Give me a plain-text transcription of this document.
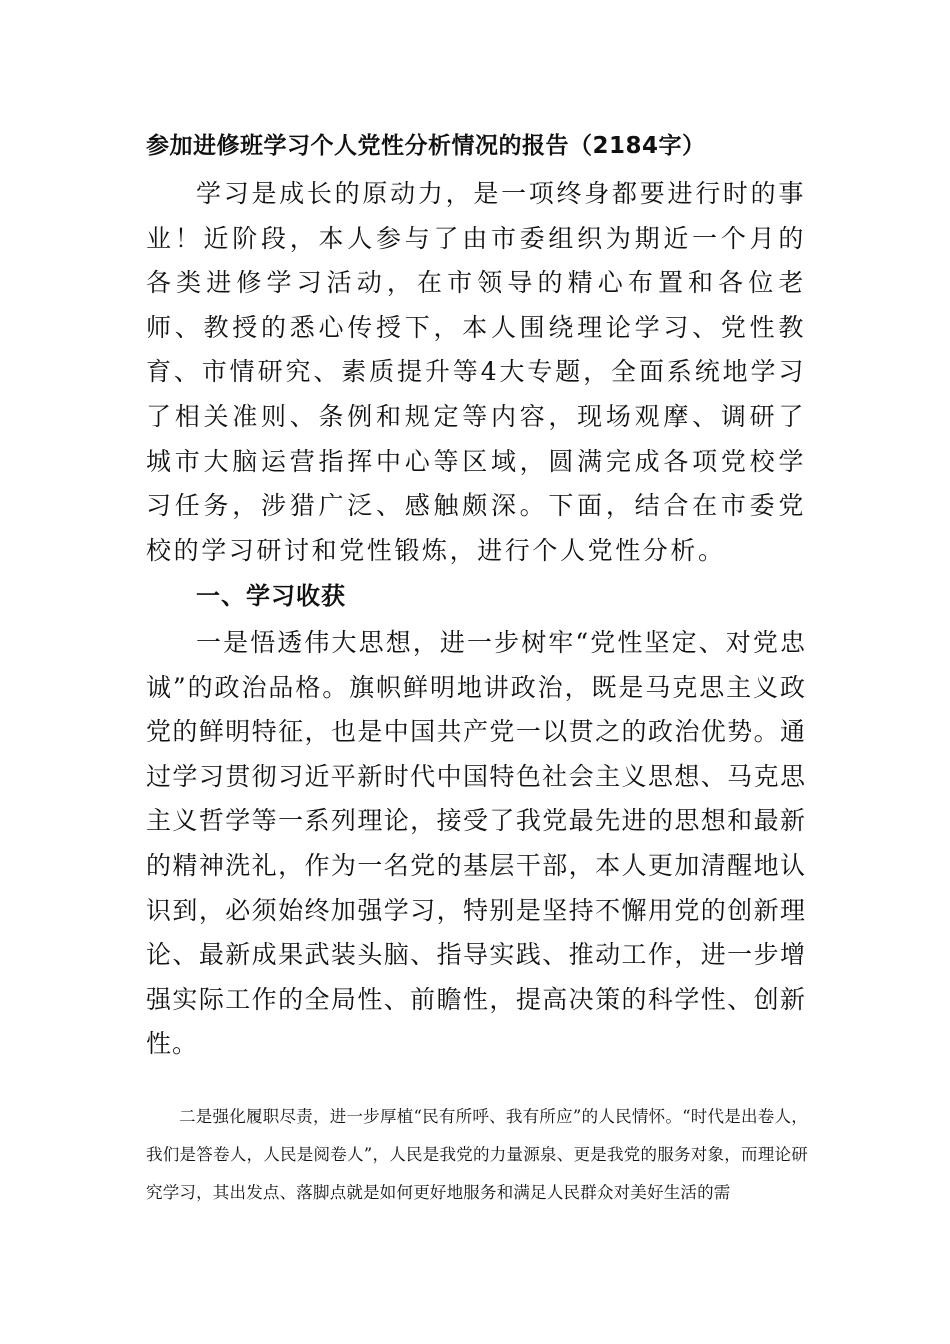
参加进修班学习个人党性分析情况的报告（2184字）

学习是成长的原动力，是一项终身都要进行时的事业！近阶段，本人参与了由市委组织为期近一个月的各类进修学习活动，在市领导的精心布置和各位老师、教授的悉心传授下，本人围绕理论学习、党性教育、市情研究、素质提升等4大专题，全面系统地学习了相关准则、条例和规定等内容，现场观摩、调研了城市大脑运营指挥中心等区域，圆满完成各项党校学习任务，涉猎广泛、感触颇深。下面，结合在市委党校的学习研讨和党性锻炼，进行个人党性分析。

一、学习收获

一是悟透伟大思想，进一步树牢“党性坚定、对党忠诚”的政治品格。旗帜鲜明地讲政治，既是马克思主义政党的鲜明特征，也是中国共产党一以贯之的政治优势。通过学习贯彻习近平新时代中国特色社会主义思想、马克思主义哲学等一系列理论，接受了我党最先进的思想和最新的精神洗礼，作为一名党的基层干部，本人更加清醒地认识到，必须始终加强学习，特别是坚持不懈用党的创新理论、最新成果武装头脑、指导实践、推动工作，进一步增强实际工作的全局性、前瞻性，提高决策的科学性、创新性。

二是强化履职尽责，进一步厚植“民有所呼、我有所应”的人民情怀。“时代是出卷人，我们是答卷人，人民是阅卷人”，人民是我党的力量源泉、更是我党的服务对象，而理论研究学习，其出发点、落脚点就是如何更好地服务和满足人民群众对美好生活的需
